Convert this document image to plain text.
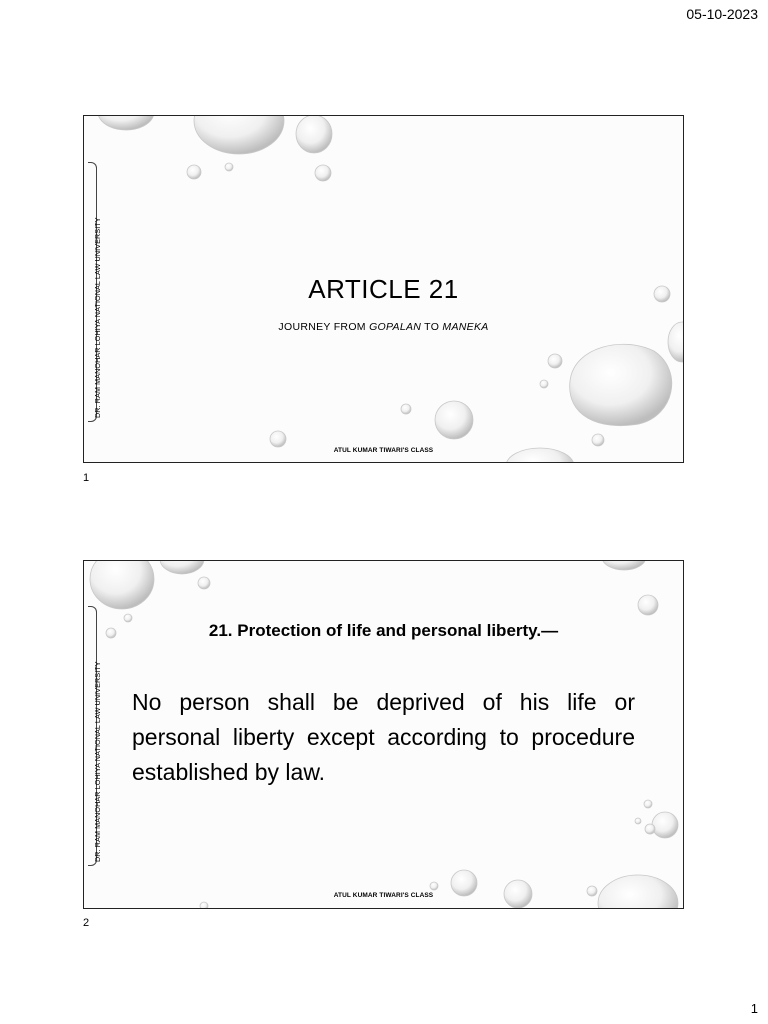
05-10-2023
DR. RAM MANOHAR LOHIYA NATIONAL LAW UNIVERSITY	ARTICLE 21
JOURNEY FROM GOPALAN TO MANEKA
ATUL KUMAR TIWARI'S CLASS
1
DR. RAM MANOHAR LOHIYA NATIONAL LAW UNIVERSITY
21. Protection of life and personal liberty.—
No person shall be deprived of his life or personal liberty except according to procedure established by law.
ATUL KUMAR TIWARI'S CLASS
2
1
